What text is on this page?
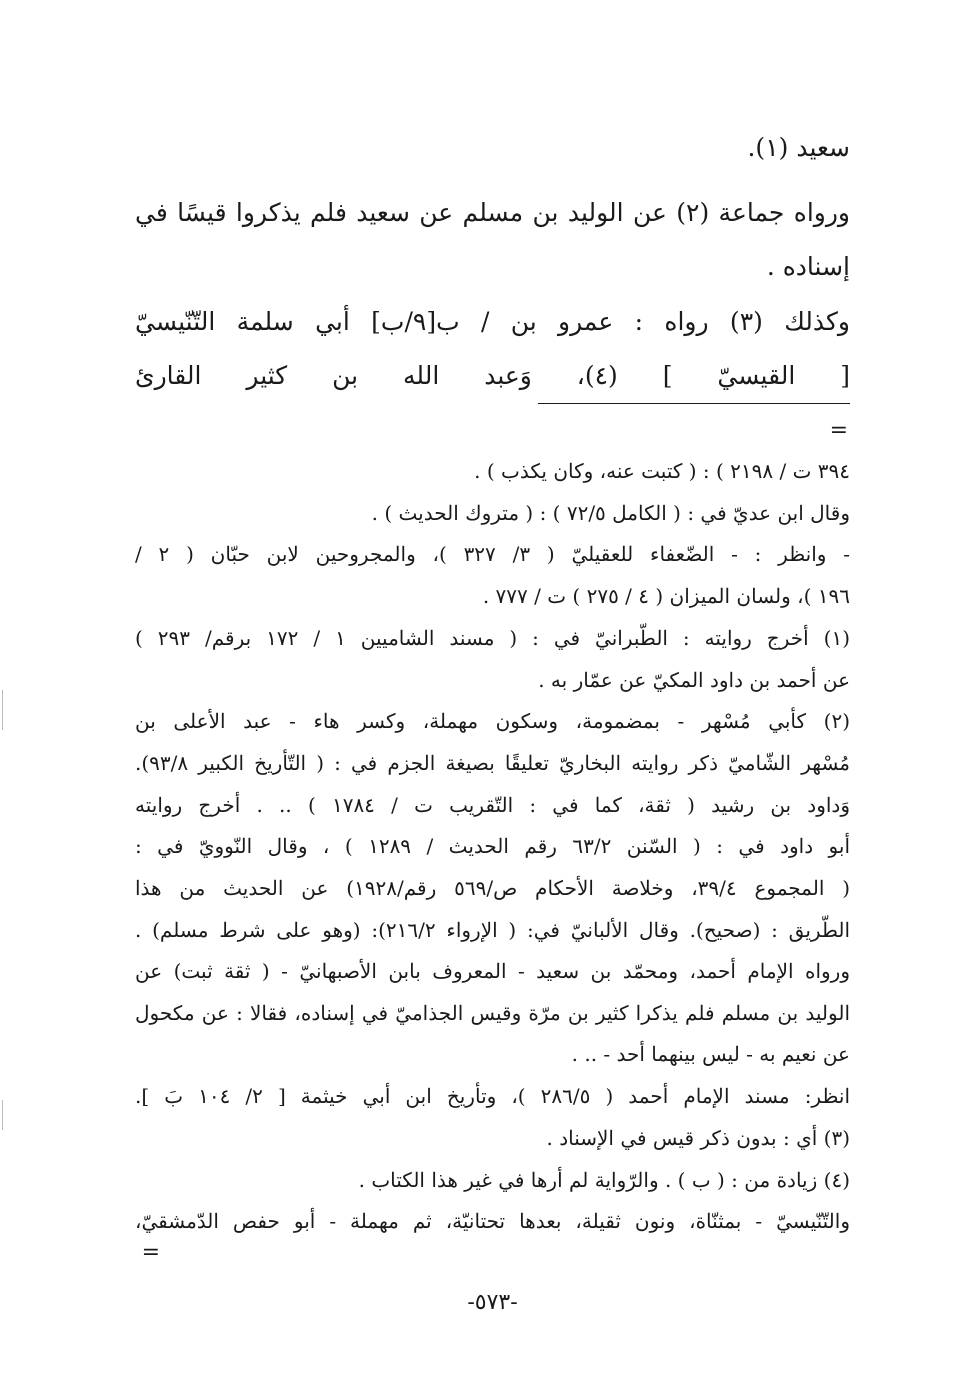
سعيد (١).
ورواه جماعة (٢) عن الوليد بن مسلم عن سعيد فلم يذكروا قيسًا في
إسناده .
وكذلك (٣) رواه : عمرو بن / ب[٩/ب] أبي سلمة التّنّيسيّ
[ القيسيّ ] (٤)، وَعبد الله بن كثير القارئ
=
٣٩٤ ت / ٢١٩٨ ) : ( كتبت عنه، وكان يكذب ) .
وقال ابن عديّ في : ( الكامل ٧٢/٥ ) : ( متروك الحديث ) .
- وانظر : - الضّعفاء للعقيليّ ( ٣/ ٣٢٧ )، والمجروحين لابن حبّان ( ٢ /
١٩٦ )، ولسان الميزان ( ٤ / ٢٧٥ ) ت / ٧٧٧ .
(١) أخرج روايته : الطّبرانيّ في : ( مسند الشاميين ١ / ١٧٢ برقم/ ٢٩٣ )
عن أحمد بن داود المكيّ عن عمّار به .
(٢) كأبي مُسْهر - بمضمومة، وسكون مهملة، وكسر هاء - عبد الأعلى بن
مُسْهر الشّاميّ ذكر روايته البخاريّ تعليقًا بصيغة الجزم في : ( التّأريخ الكبير ٩٣/٨).
وَداود بن رشيد ( ثقة، كما في : التّقريب ت / ١٧٨٤ ) .. . أخرج روايته
أبو داود في : ( السّنن ٦٣/٢ رقم الحديث / ١٢٨٩ ) ، وقال النّوويّ في :
( المجموع ٣٩/٤، وخلاصة الأحكام ص/٥٦٩ رقم/١٩٢٨) عن الحديث من هذا
الطّريق : (صحيح). وقال الألبانيّ في: ( الإرواء ٢١٦/٢): (وهو على شرط مسلم) .
ورواه الإمام أحمد، ومحمّد بن سعيد - المعروف بابن الأصبهانيّ - ( ثقة ثبت) عن
الوليد بن مسلم فلم يذكرا كثير بن مرّة وقيس الجذاميّ في إسناده، فقالا : عن مكحول
عن نعيم به - ليس بينهما أحد - .. .
انظر: مسند الإمام أحمد ( ٢٨٦/٥ )، وتأريخ ابن أبي خيثمة [ ٢/ ١٠٤ بَ ].
(٣) أي : بدون ذكر قيس في الإسناد .
(٤) زيادة من : ( ب ) . والرّواية لم أرها في غير هذا الكتاب .
والتّنّيسيّ - بمثنّاة، ونون ثقيلة، بعدها تحتانيّة، ثم مهملة - أبو حفص الدّمشقيّ،
=
-٥٧٣-
